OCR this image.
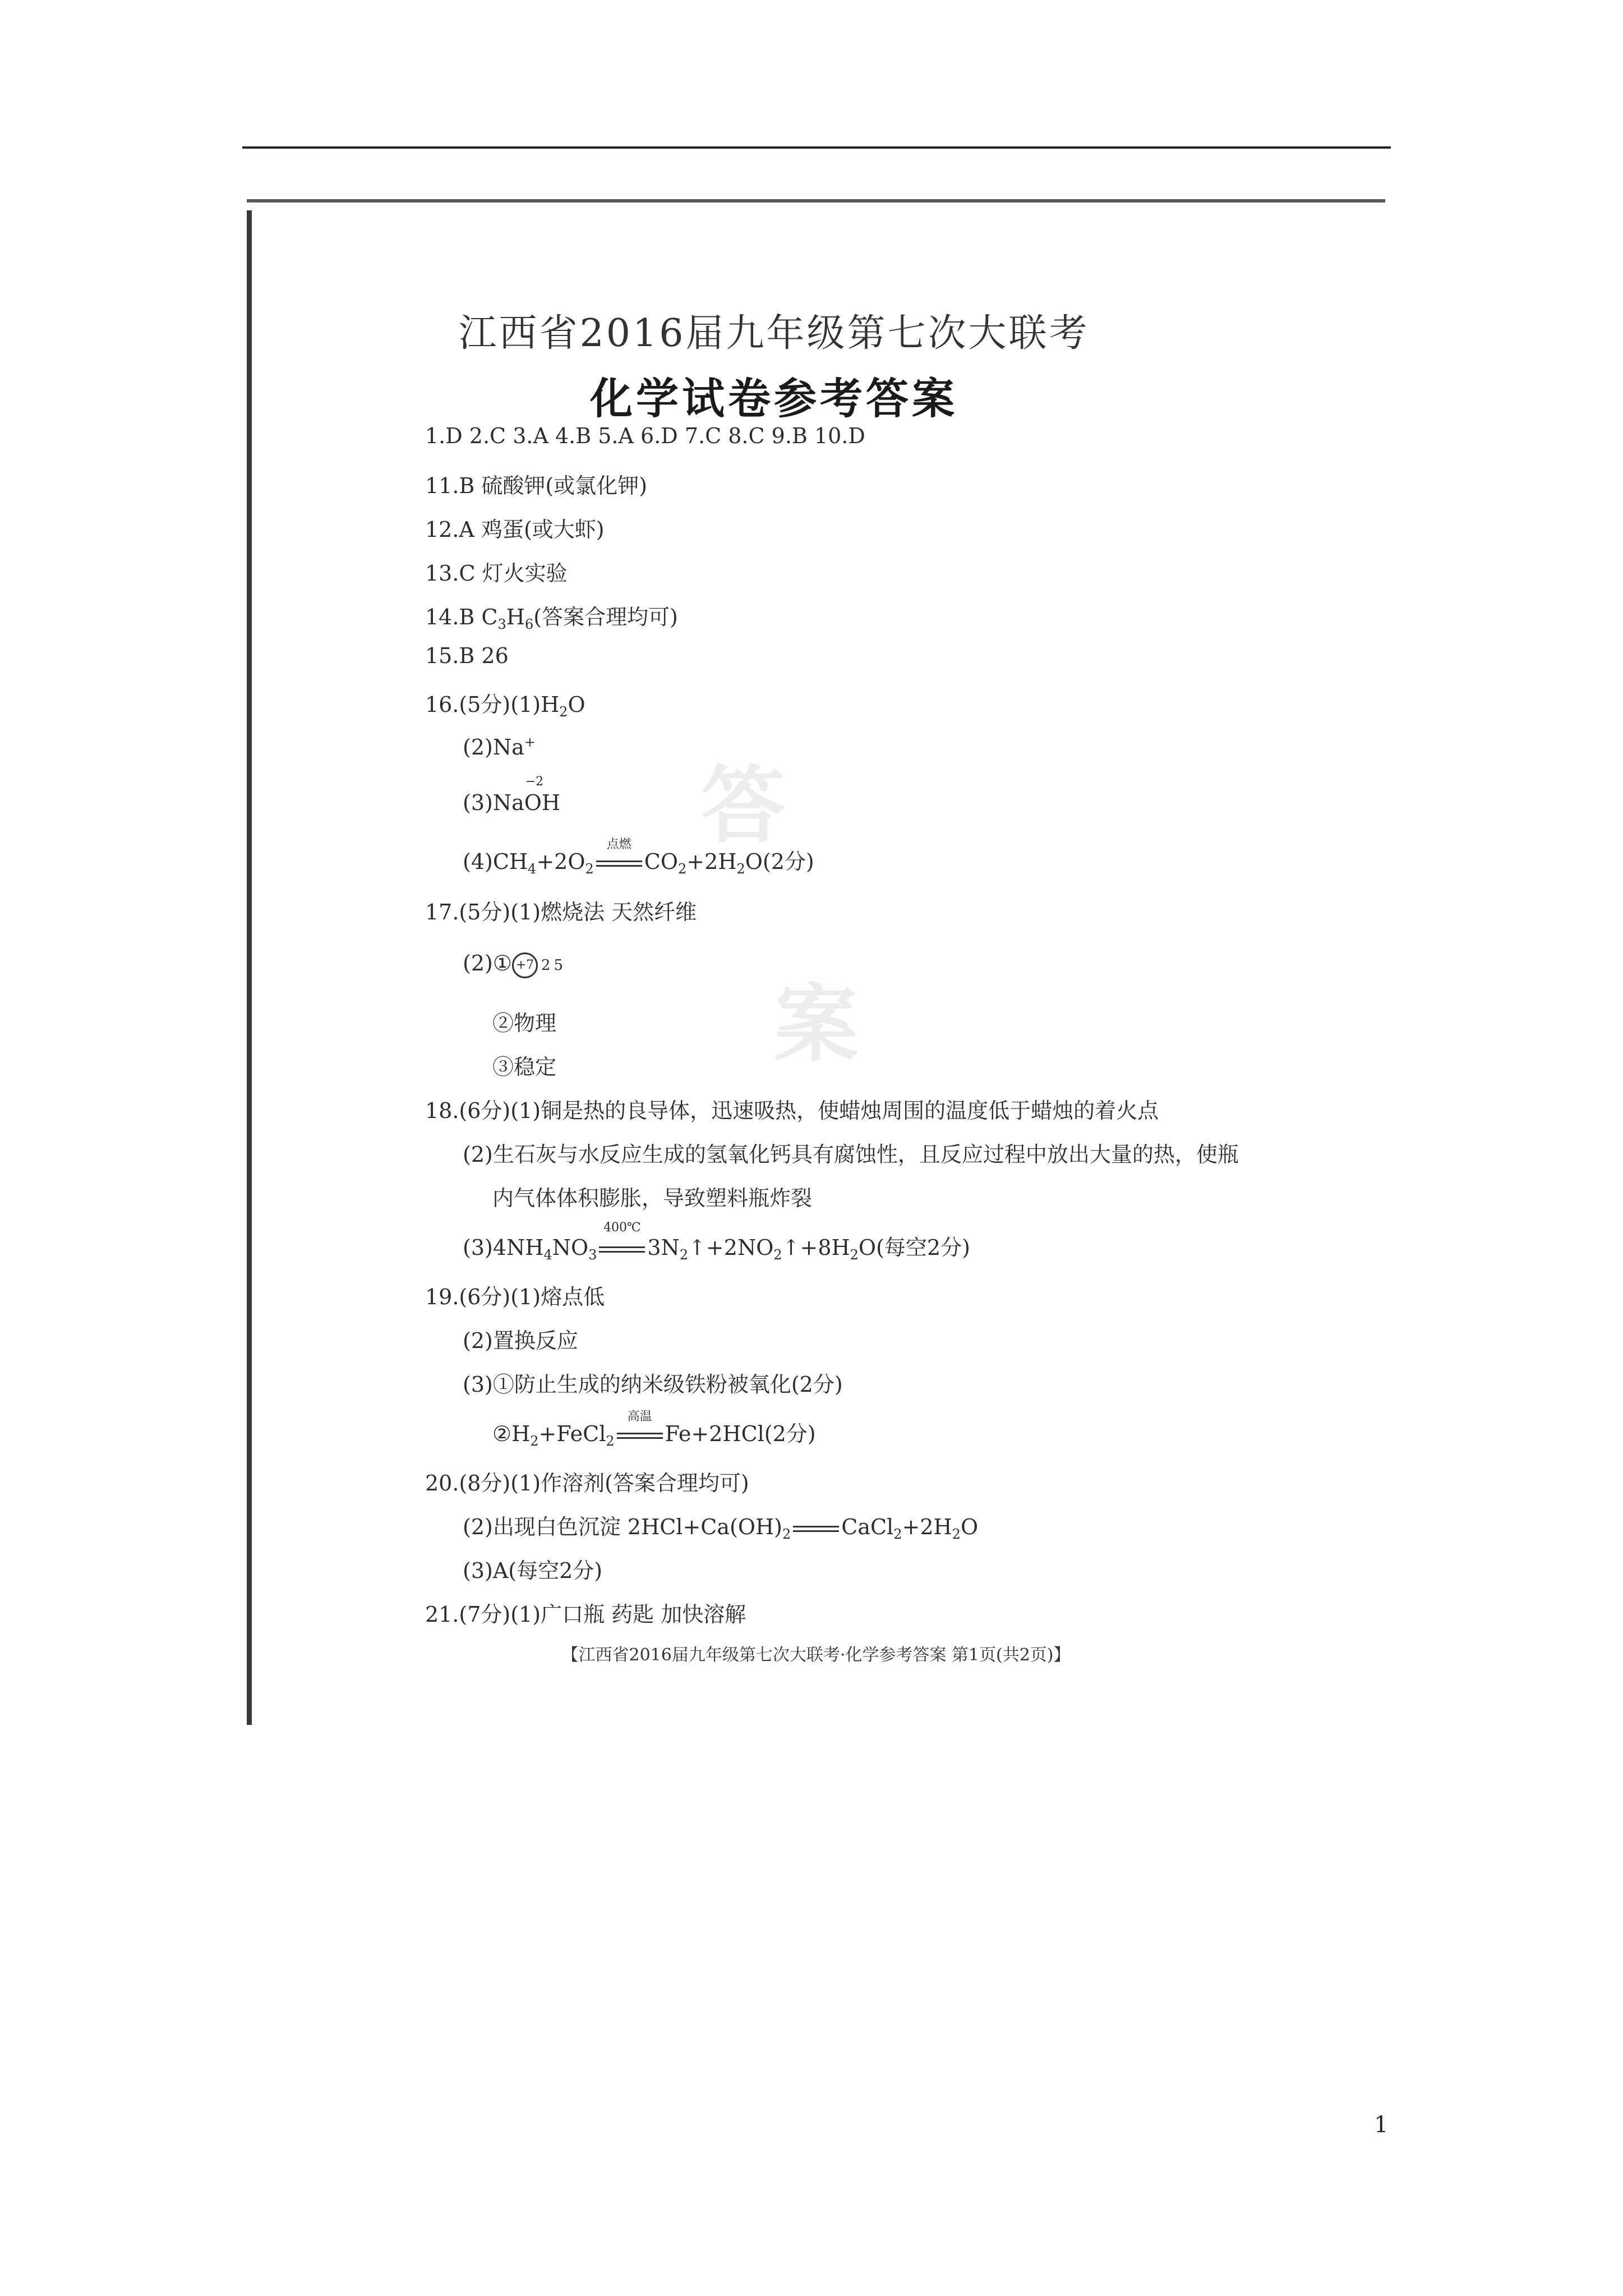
答
案
江西省2016届九年级第七次大联考
化学试卷参考答案
1.D 2.C 3.A 4.B 5.A 6.D 7.C 8.C 9.B 10.D
11.B 硫酸钾(或氯化钾)
12.A 鸡蛋(或大虾)
13.C 灯火实验
14.B $C_3H_6$(答案合理均可)
15.B 26
16.(5分)$(1)H_2O$
(2)Na+
(3)Na
−2
OH
$(4)CH_4+2O_2$
点燃
$CO_2+2H_2O(2$分)
17.(5分)(1)燃烧法 天然纤维
(2)① +7 2 5
②物理
③稳定
18.(6分)(1)铜是热的良导体，迅速吸热，使蜡烛周围的温度低于蜡烛的着火点
(2)生石灰与水反应生成的氢氧化钙具有腐蚀性，且反应过程中放出大量的热，使瓶
内气体体积膨胀，导致塑料瓶炸裂
$(3)4NH_4NO_3$
400℃
$3N_2↑+2NO_2↑+8H_2O$(每空2分)
19.(6分)(1)熔点低
(2)置换反应
(3)①防止生成的纳米级铁粉被氧化(2分)
$②H_2+FeCl_2$
高温
Fe+2HCl(2分)
20.(8分)(1)作溶剂(答案合理均可)
(2)出现白色沉淀 $2HCl+Ca(OH)_2$ $CaCl_2+2H_2O$
(3)A(每空2分)
21.(7分)(1)广口瓶 药匙 加快溶解
【江西省2016届九年级第七次大联考·化学参考答案 第1页(共2页)】
1
